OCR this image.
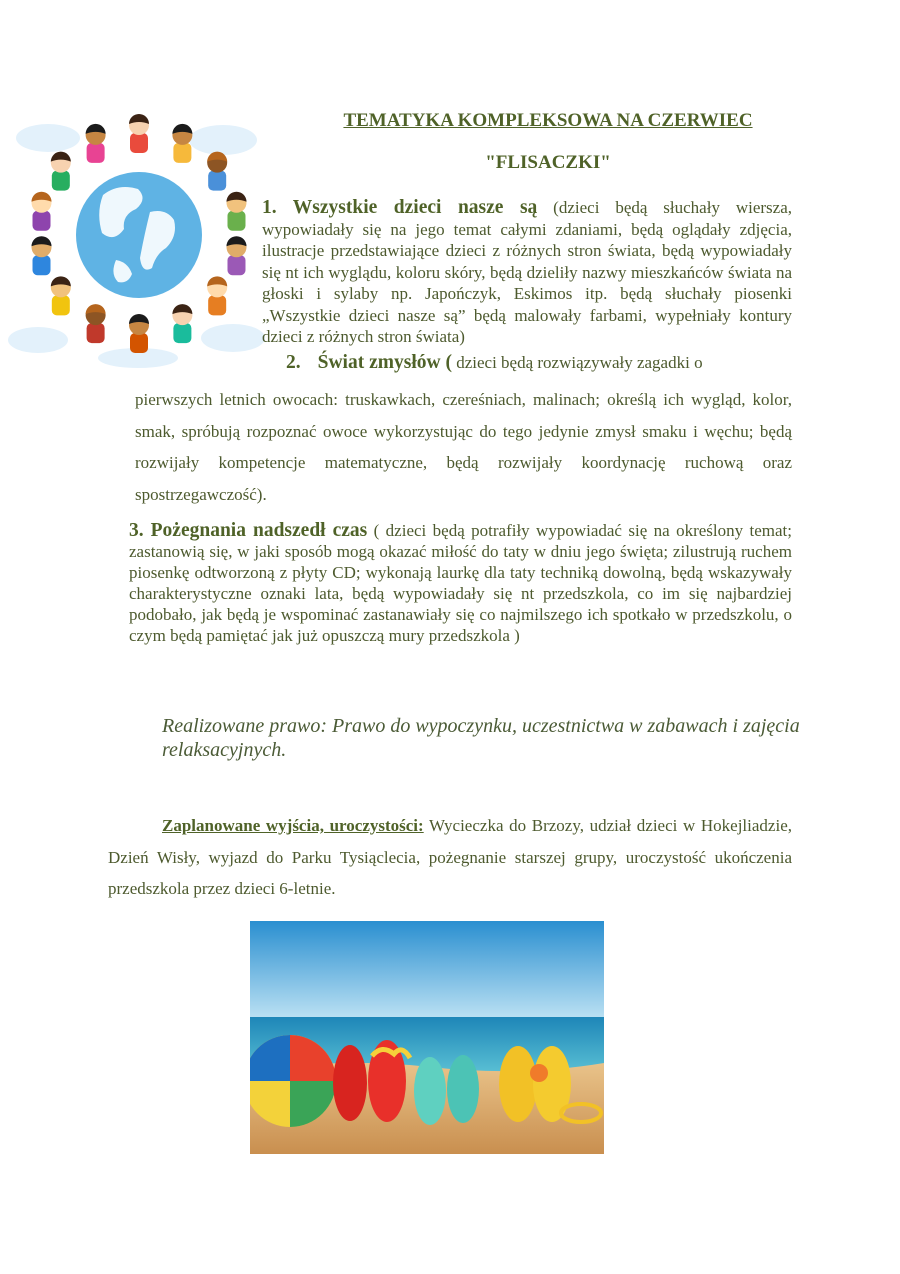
TEMATYKA KOMPLEKSOWA NA CZERWIEC
"FLISACZKI"
1. Wszystkie dzieci nasze są (dzieci będą słuchały wiersza, wypowiadały się na jego temat całymi zdaniami, będą oglądały zdjęcia, ilustracje przedstawiające dzieci z różnych stron świata, będą wypowiadały się nt ich wyglądu, koloru skóry, będą dzieliły nazwy mieszkańców świata na głoski i sylaby np. Japończyk, Eskimos itp. będą słuchały piosenki „Wszystkie dzieci nasze są” będą malowały farbami, wypełniały kontury dzieci z różnych stron świata)
2. Świat zmysłów ( dzieci będą rozwiązywały zagadki o
pierwszych letnich owocach: truskawkach, czereśniach, malinach; określą ich wygląd, kolor, smak, spróbują rozpoznać owoce wykorzystując do tego jedynie zmysł smaku i węchu; będą rozwijały kompetencje matematyczne, będą rozwijały koordynację ruchową oraz spostrzegawczość).
3. Pożegnania nadszedł czas ( dzieci będą potrafiły wypowiadać się na określony temat; zastanowią się, w jaki sposób mogą okazać miłość do taty w dniu jego święta; zilustrują ruchem piosenkę odtworzoną z płyty CD; wykonają laurkę dla taty techniką dowolną, będą wskazywały charakterystyczne oznaki lata, będą wypowiadały się nt przedszkola, co im się najbardziej podobało, jak będą je wspominać zastanawiały się co najmilszego ich spotkało w przedszkolu, o czym będą pamiętać jak już opuszczą mury przedszkola )
Realizowane prawo: Prawo do wypoczynku, uczestnictwa w zabawach i zajęcia relaksacyjnych.
Zaplanowane wyjścia, uroczystości: Wycieczka do Brzozy, udział dzieci w Hokejliadzie, Dzień Wisły, wyjazd do Parku Tysiąclecia, pożegnanie starszej grupy, uroczystość ukończenia przedszkola przez dzieci 6-letnie.
